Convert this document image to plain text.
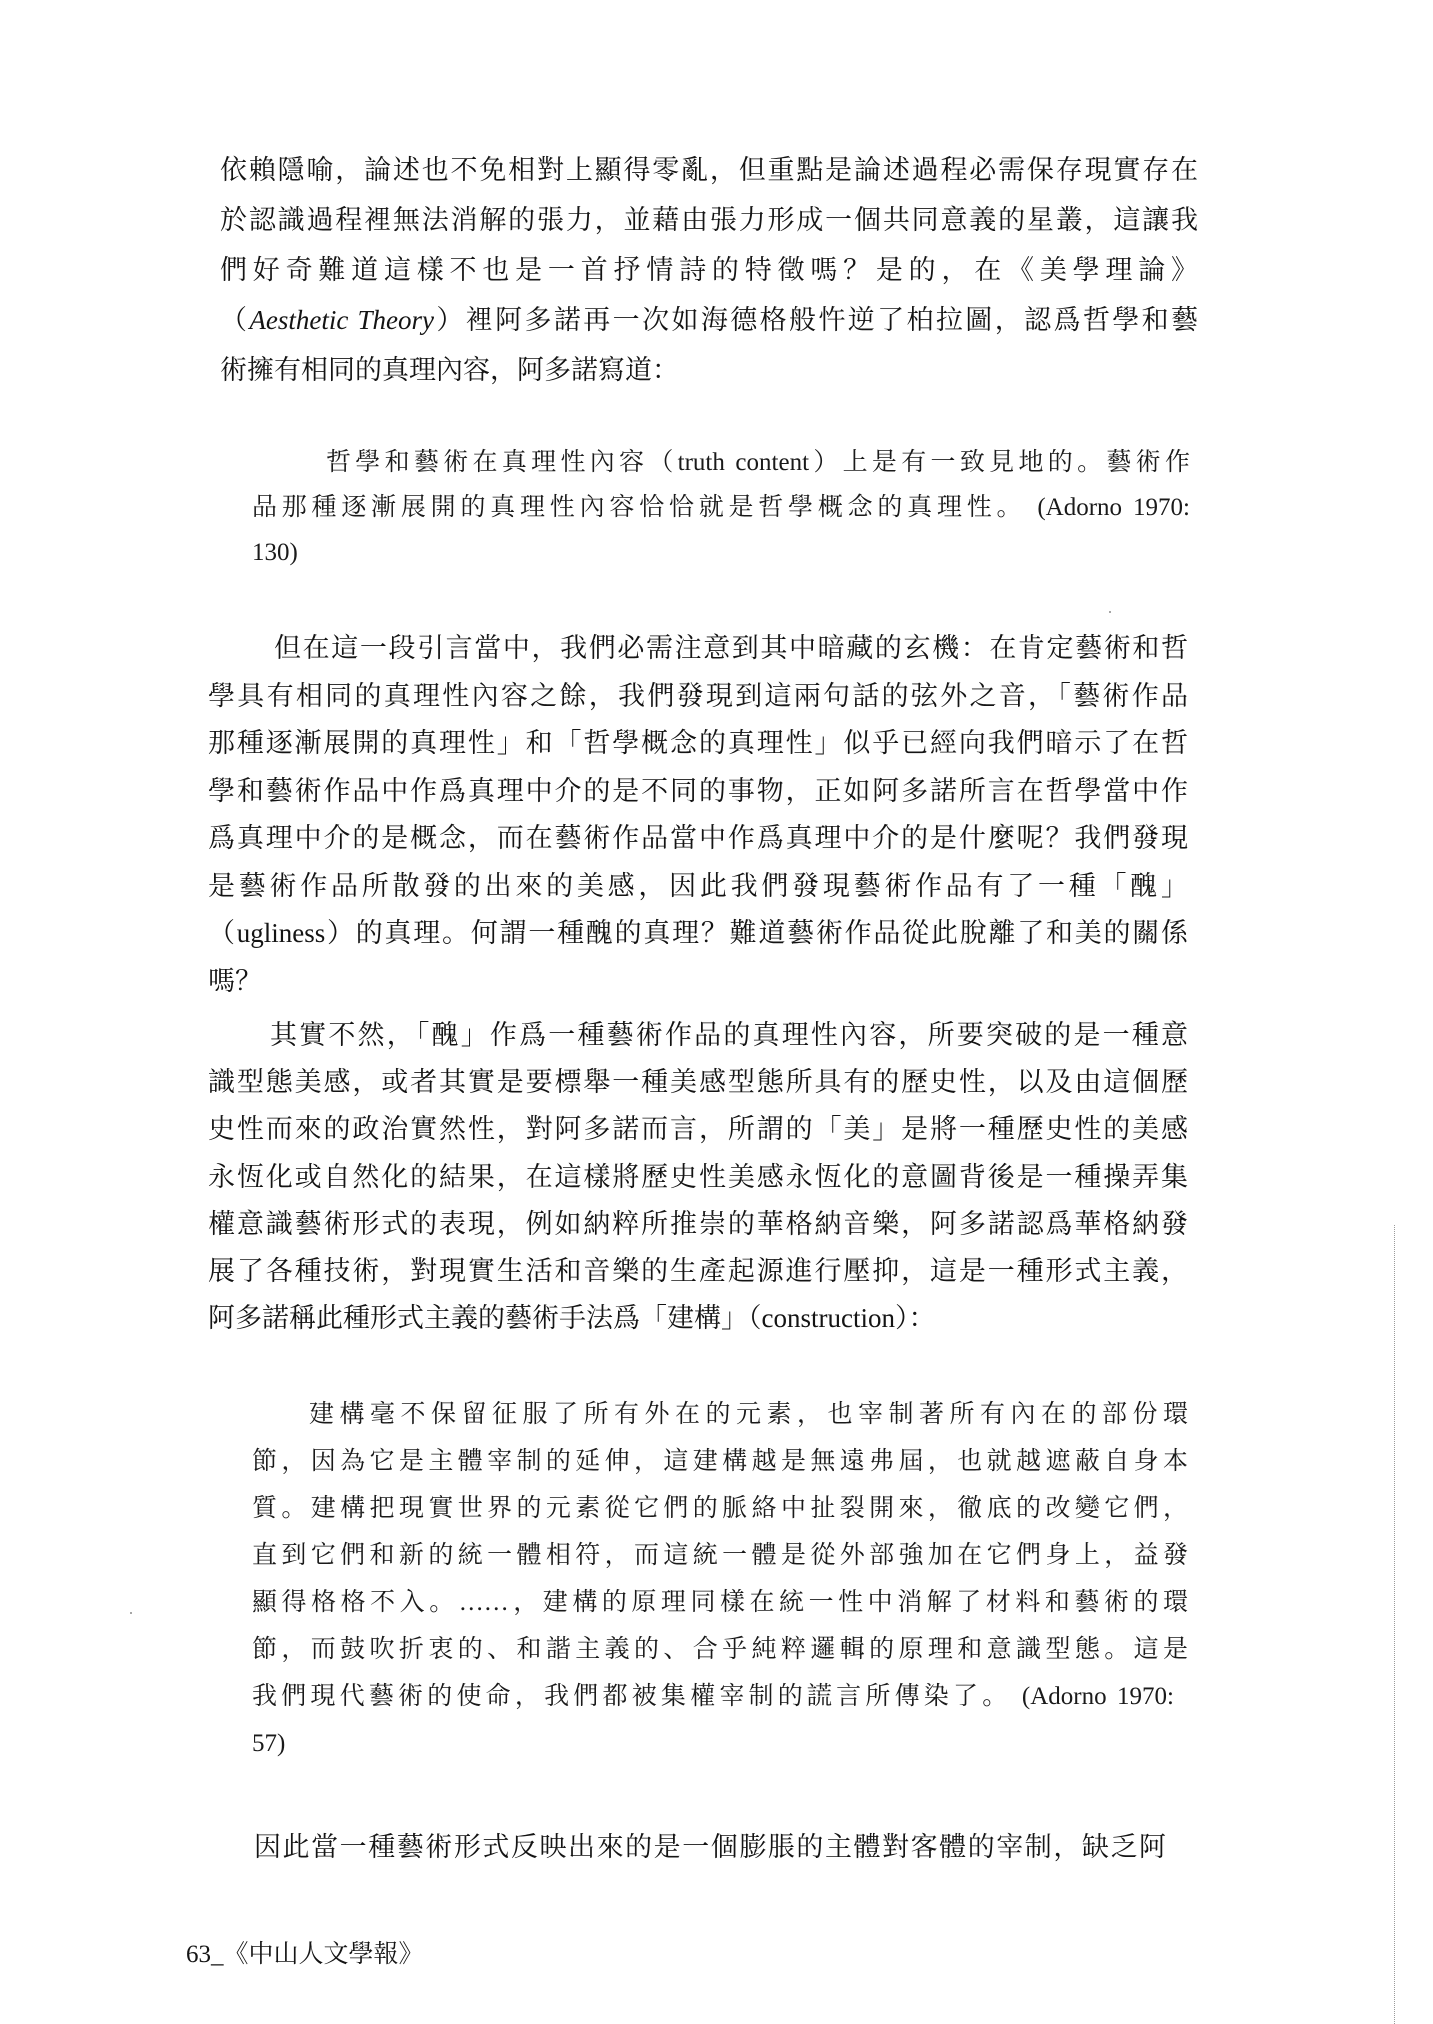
依賴隱喻，論述也不免相對上顯得零亂，但重點是論述過程必需保存現實存在
於認識過程裡無法消解的張力，並藉由張力形成一個共同意義的星叢，這讓我
們好奇難道這樣不也是一首抒情詩的特徵嗎？是的，在《美學理論》
（Aesthetic Theory）裡阿多諾再一次如海德格般忤逆了柏拉圖，認爲哲學和藝
術擁有相同的真理內容，阿多諾寫道：
哲學和藝術在真理性內容（truth content）上是有一致見地的。藝術作
品那種逐漸展開的真理性內容恰恰就是哲學概念的真理性。 (Adorno 1970:
130)
但在這一段引言當中，我們必需注意到其中暗藏的玄機：在肯定藝術和哲
學具有相同的真理性內容之餘，我們發現到這兩句話的弦外之音，「藝術作品
那種逐漸展開的真理性」和「哲學概念的真理性」似乎已經向我們暗示了在哲
學和藝術作品中作爲真理中介的是不同的事物，正如阿多諾所言在哲學當中作
爲真理中介的是概念，而在藝術作品當中作爲真理中介的是什麼呢？我們發現
是藝術作品所散發的出來的美感，因此我們發現藝術作品有了一種「醜」
（ugliness）的真理。何謂一種醜的真理？難道藝術作品從此脫離了和美的關係
嗎？
其實不然，「醜」作爲一種藝術作品的真理性內容，所要突破的是一種意
識型態美感，或者其實是要標舉一種美感型態所具有的歷史性，以及由這個歷
史性而來的政治實然性，對阿多諾而言，所謂的「美」是將一種歷史性的美感
永恆化或自然化的結果，在這樣將歷史性美感永恆化的意圖背後是一種操弄集
權意識藝術形式的表現，例如納粹所推崇的華格納音樂，阿多諾認爲華格納發
展了各種技術，對現實生活和音樂的生產起源進行壓抑，這是一種形式主義，
阿多諾稱此種形式主義的藝術手法爲「建構」（construction）：
建構毫不保留征服了所有外在的元素，也宰制著所有內在的部份環
節，因為它是主體宰制的延伸，這建構越是無遠弗屆，也就越遮蔽自身本
質。建構把現實世界的元素從它們的脈絡中扯裂開來，徹底的改變它們，
直到它們和新的統一體相符，而這統一體是從外部強加在它們身上，益發
顯得格格不入。……，建構的原理同樣在統一性中消解了材料和藝術的環
節，而鼓吹折衷的、和諧主義的、合乎純粹邏輯的原理和意識型態。這是
我們現代藝術的使命，我們都被集權宰制的謊言所傳染了。 (Adorno 1970:
57)
因此當一種藝術形式反映出來的是一個膨脹的主體對客體的宰制，缺乏阿
63_《中山人文學報》
